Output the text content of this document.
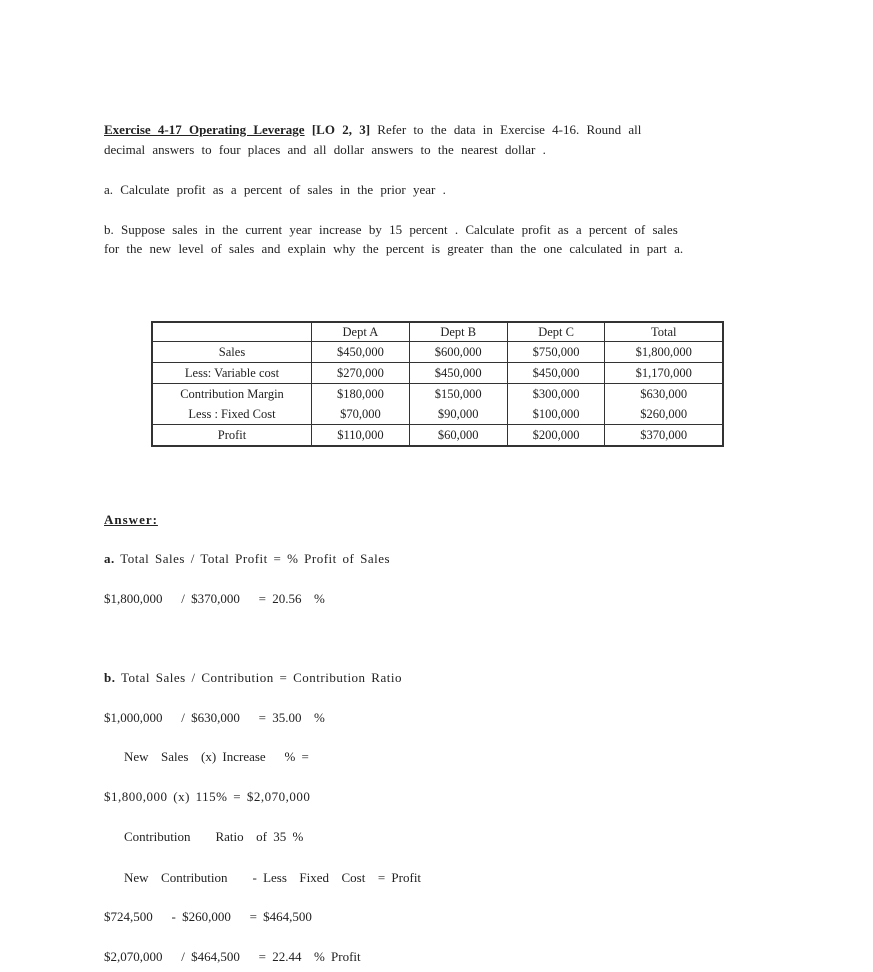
Exercise 4-17 Operating Leverage [LO 2, 3] Refer to the data in Exercise 4-16. Round all
decimal answers to four places and all dollar answers to the nearest dollar .
a. Calculate profit as a percent of sales in the prior year .
b. Suppose sales in the current year increase by 15 percent . Calculate profit as a percent of sales
for the new level of sales and explain why the percent is greater than the one calculated in part a.
	Dept A	Dept B	Dept C	Total
Sales	$450,000	$600,000	$750,000	$1,800,000
Less: Variable cost	$270,000	$450,000	$450,000	$1,170,000
Contribution Margin	$180,000	$150,000	$300,000	$630,000
Less : Fixed Cost	$70,000	$90,000	$100,000	$260,000
Profit	$110,000	$60,000	$200,000	$370,000
Answer:
a. Total Sales / Total Profit = % Profit of Sales
$1,800,000   / $370,000   = 20.56  %
b. Total Sales / Contribution = Contribution Ratio
$1,000,000   / $630,000   = 35.00  %
New  Sales  (x) Increase   % =
$1,800,000 (x) 115% = $2,070,000
Contribution    Ratio  of 35 %
New  Contribution    - Less  Fixed  Cost  = Profit
$724,500   - $260,000   = $464,500
$2,070,000   / $464,500   = 22.44  % Profit
